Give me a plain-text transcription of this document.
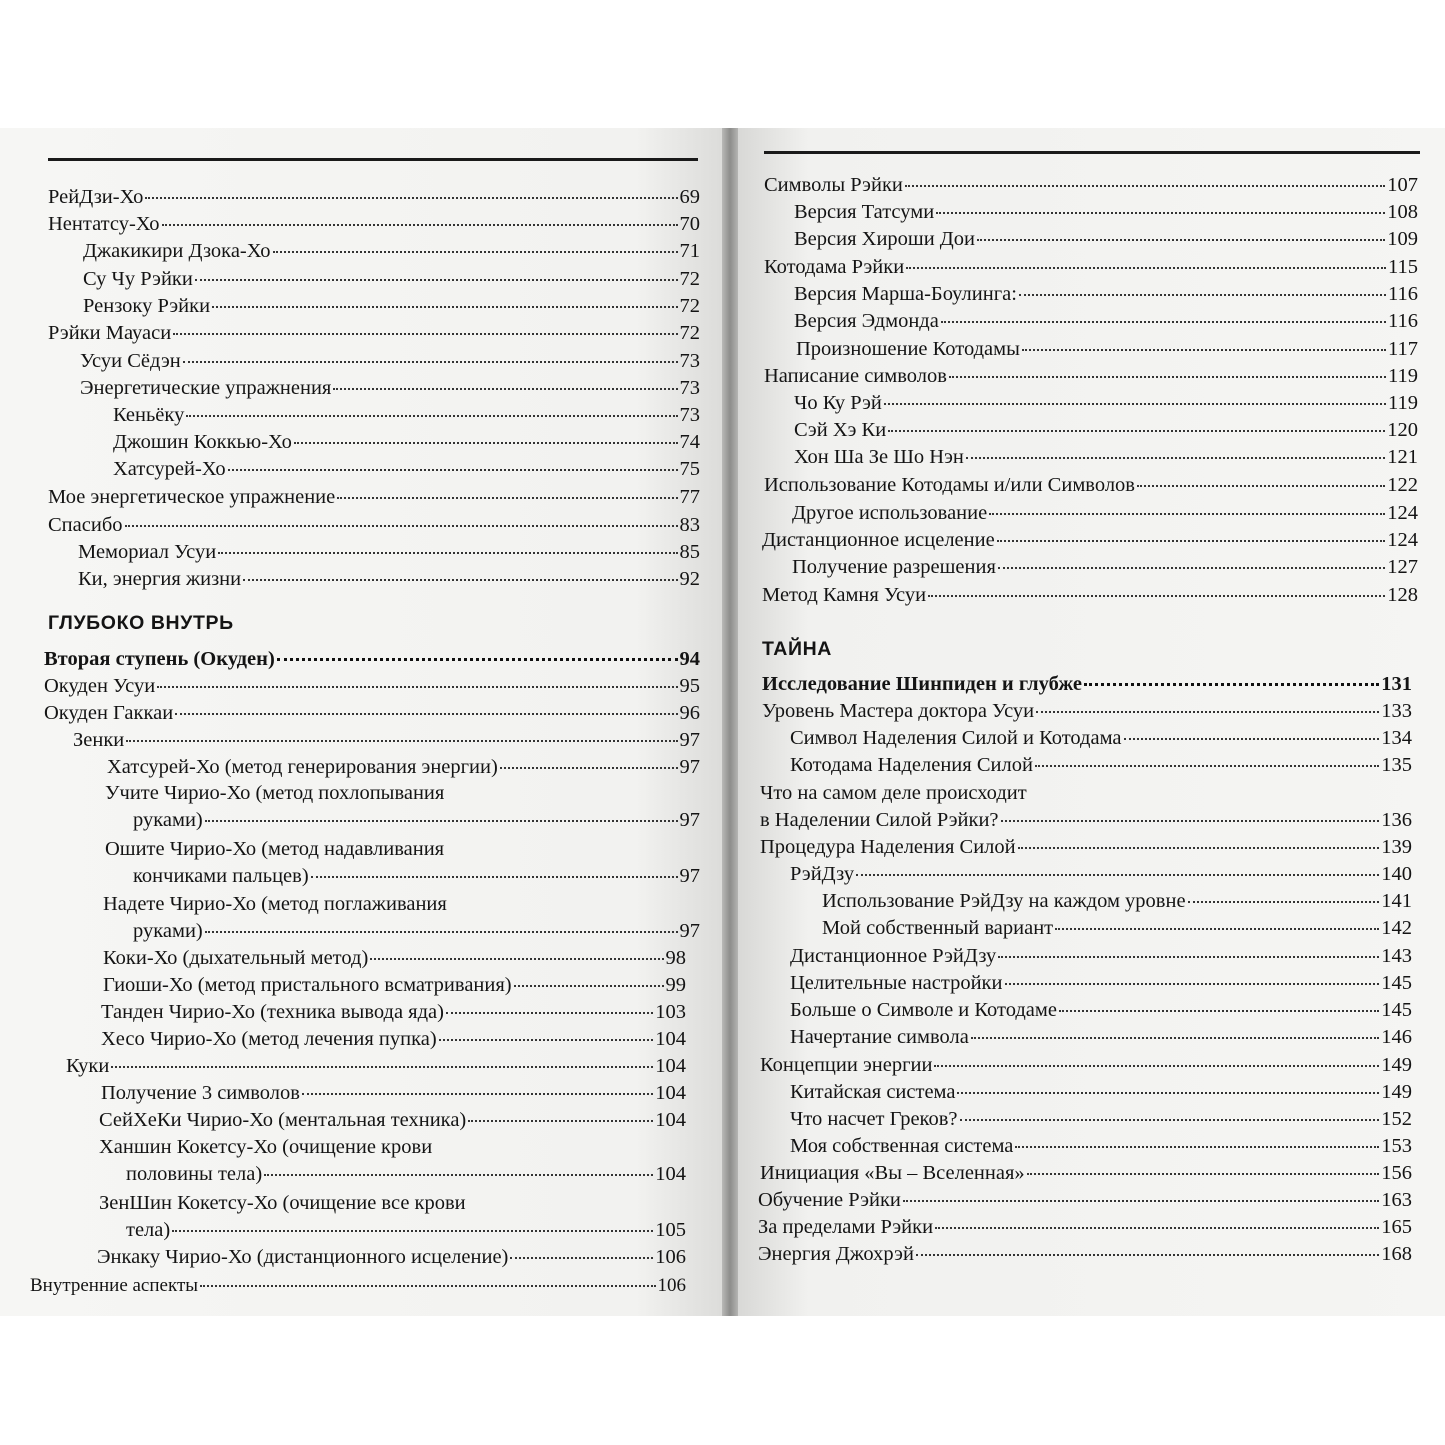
РейДзи-Хо	69
Нентатсу-Хо	70
Джакикири Дзока-Хо	71
Су Чу Рэйки	72
Рензоку Рэйки	72
Рэйки Мауаси	72
Усуи Сёдэн	73
Энергетические упражнения	73
Кеньёку	73
Джошин Коккью-Хо	74
Хатсурей-Хо	75
Мое энергетическое упражнение	77
Спасибо	83
Мемориал Усуи	85
Ки, энергия жизни	92
ГЛУБОКО ВНУТРЬ
Вторая ступень (Окуден)	94
Окуден Усуи	95
Окуден Гаккаи	96
Зенки	97
Хатсурей-Хо (метод генерирования энергии)	97
Учите Чирио-Хо (метод похлопывания
руками)	97
Ошите Чирио-Хо (метод надавливания
кончиками пальцев)	97
Надете Чирио-Хо (метод поглаживания
руками)	97
Коки-Хо (дыхательный метод)	98
Гиоши-Хо (метод пристального всматривания)	99
Танден Чирио-Хо (техника вывода яда)	103
Хесо Чирио-Хо (метод лечения пупка)	104
Куки	104
Получение 3 символов	104
СейХеКи Чирио-Хо (ментальная техника)	104
Ханшин Кокетсу-Хо (очищение крови
половины тела)	104
ЗенШин Кокетсу-Хо (очищение все крови
тела)	105
Энкаку Чирио-Хо (дистанционного исцеление)	106
Внутренние аспекты	106
Символы Рэйки	107
Версия Татсуми	108
Версия Хироши Дои	109
Котодама Рэйки	115
Версия Марша-Боулинга:	116
Версия Эдмонда	116
Произношение Котодамы	117
Написание символов	119
Чо Ку Рэй	119
Сэй Хэ Ки	120
Хон Ша Зе Шо Нэн	121
Использование Котодамы и/или Символов	122
Другое использование	124
Дистанционное исцеление	124
Получение разрешения	127
Метод Камня Усуи	128
ТАЙНА
Исследование Шинпиден и глубже	131
Уровень Мастера доктора Усуи	133
Символ Наделения Силой и Котодама	134
Котодама Наделения Силой	135
Что на самом деле происходит
в Наделении Силой Рэйки?	136
Процедура Наделения Силой	139
РэйДзу	140
Использование РэйДзу на каждом уровне	141
Мой собственный вариант	142
Дистанционное РэйДзу	143
Целительные настройки	145
Больше о Символе и Котодаме	145
Начертание символа	146
Концепции энергии	149
Китайская система	149
Что насчет Греков?	152
Моя собственная система	153
Инициация «Вы – Вселенная»	156
Обучение Рэйки	163
За пределами Рэйки	165
Энергия Джохрэй	168
